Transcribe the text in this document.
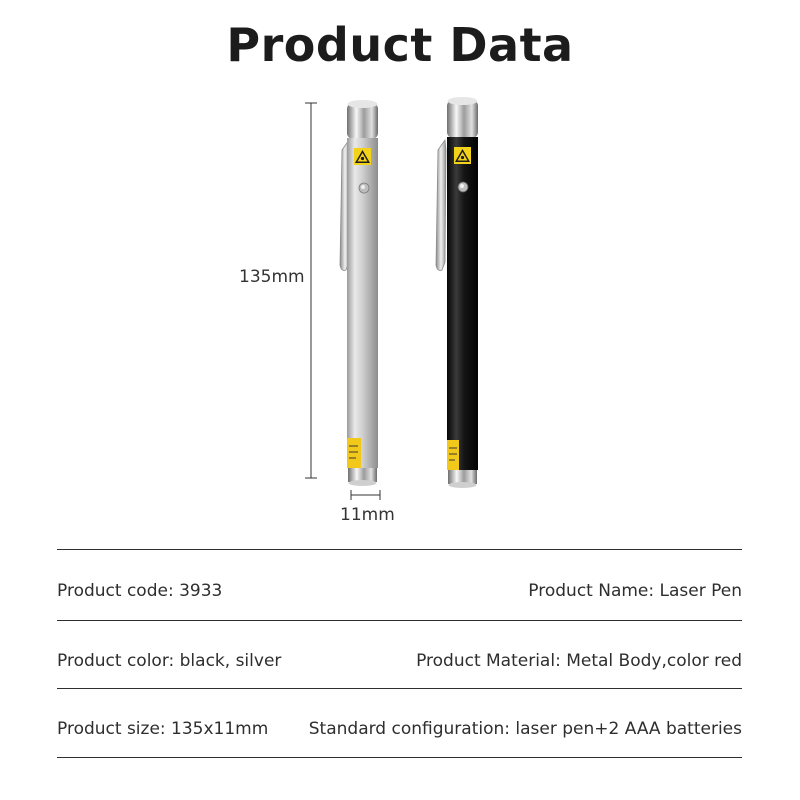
Product Data
135mm
11mm
Product code: 3933	Product Name: Laser Pen
Product color: black, silver	Product Material: Metal Body,color red
Product size: 135x11mm Standard configuration: laser pen+2 AAA batteries
